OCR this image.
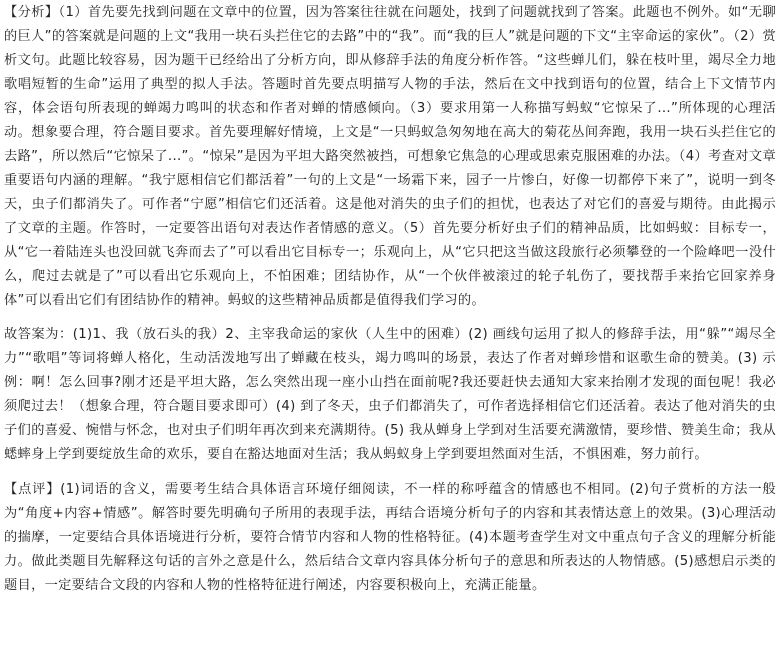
【分析】（1）首先要先找到问题在文章中的位置，因为答案往往就在问题处，找到了问题就找到了答案。此题也不例外。如“无聊的巨人”的答案就是问题的上文“我用一块石头拦住它的去路”中的“我”。而“我的巨人”就是问题的下文“主宰命运的家伙”。（2）赏析文句。此题比较容易，因为题干已经给出了分析方向，即从修辞手法的角度分析作答。“这些蝉儿们，躲在枝叶里，竭尽全力地歌唱短暂的生命”运用了典型的拟人手法。答题时首先要点明描写人物的手法，然后在文中找到语句的位置，结合上下文情节内容，体会语句所表现的蝉竭力鸣叫的状态和作者对蝉的情感倾向。（3）要求用第一人称描写蚂蚁“它惊呆了...”所体现的心理活动。想象要合理，符合题目要求。首先要理解好情境，上文是“一只蚂蚁急匆匆地在高大的菊花丛间奔跑，我用一块石头拦住它的去路”，所以然后“它惊呆了...”。“惊呆”是因为平坦大路突然被挡，可想象它焦急的心理或思索克服困难的办法。（4）考查对文章重要语句内涵的理解。“我宁愿相信它们都活着”一句的上文是“一场霜下来，园子一片惨白，好像一切都停下来了”，说明一到冬天，虫子们都消失了。可作者“宁愿”相信它们还活着。这是他对消失的虫子们的担忧，也表达了对它们的喜爱与期待。由此揭示了文章的主题。作答时，一定要答出语句对表达作者情感的意义。（5）首先要分析好虫子们的精神品质，比如蚂蚁：目标专一，从“它一着陆连头也没回就飞奔而去了”可以看出它目标专一；乐观向上，从“它只把这当做这段旅行必须攀登的一个险峰吧一没什么，爬过去就是了”可以看出它乐观向上，不怕困难；团结协作，从“一个伙伴被滚过的轮子轧伤了，要找帮手来抬它回家养身体”可以看出它们有团结协作的精神。蚂蚁的这些精神品质都是值得我们学习的。

故答案为：(1)1、我（放石头的我）2、主宰我命运的家伙（人生中的困难）(2) 画线句运用了拟人的修辞手法，用“躲”“竭尽全力”“歌唱”等词将蝉人格化，生动活泼地写出了蝉藏在枝头，竭力鸣叫的场景，表达了作者对蝉珍惜和讴歌生命的赞美。(3) 示例：啊！怎么回事?刚才还是平坦大路，怎么突然出现一座小山挡在面前呢?我还要赶快去通知大家来抬刚才发现的面包呢！我必须爬过去！（想象合理，符合题目要求即可）(4) 到了冬天，虫子们都消失了，可作者选择相信它们还活着。表达了他对消失的虫子们的喜爱、惋惜与怀念，也对虫子们明年再次到来充满期待。(5) 我从蝉身上学到对生活要充满激情，要珍惜、赞美生命；我从蟋蟀身上学到要绽放生命的欢乐，要自在豁达地面对生活；我从蚂蚁身上学到要坦然面对生活，不惧困难，努力前行。

【点评】(1)词语的含义，需要考生结合具体语言环境仔细阅读，不一样的称呼蕴含的情感也不相同。(2)句子赏析的方法一般为“角度+内容+情感”。解答时要先明确句子所用的表现手法，再结合语境分析句子的内容和其表情达意上的效果。(3)心理活动的揣摩，一定要结合具体语境进行分析，要符合情节内容和人物的性格特征。(4)本题考查学生对文中重点句子含义的理解分析能力。做此类题目先解释这句话的言外之意是什么，然后结合文章内容具体分析句子的意思和所表达的人物情感。(5)感想启示类的题目，一定要结合文段的内容和人物的性格特征进行阐述，内容要积极向上，充满正能量。
